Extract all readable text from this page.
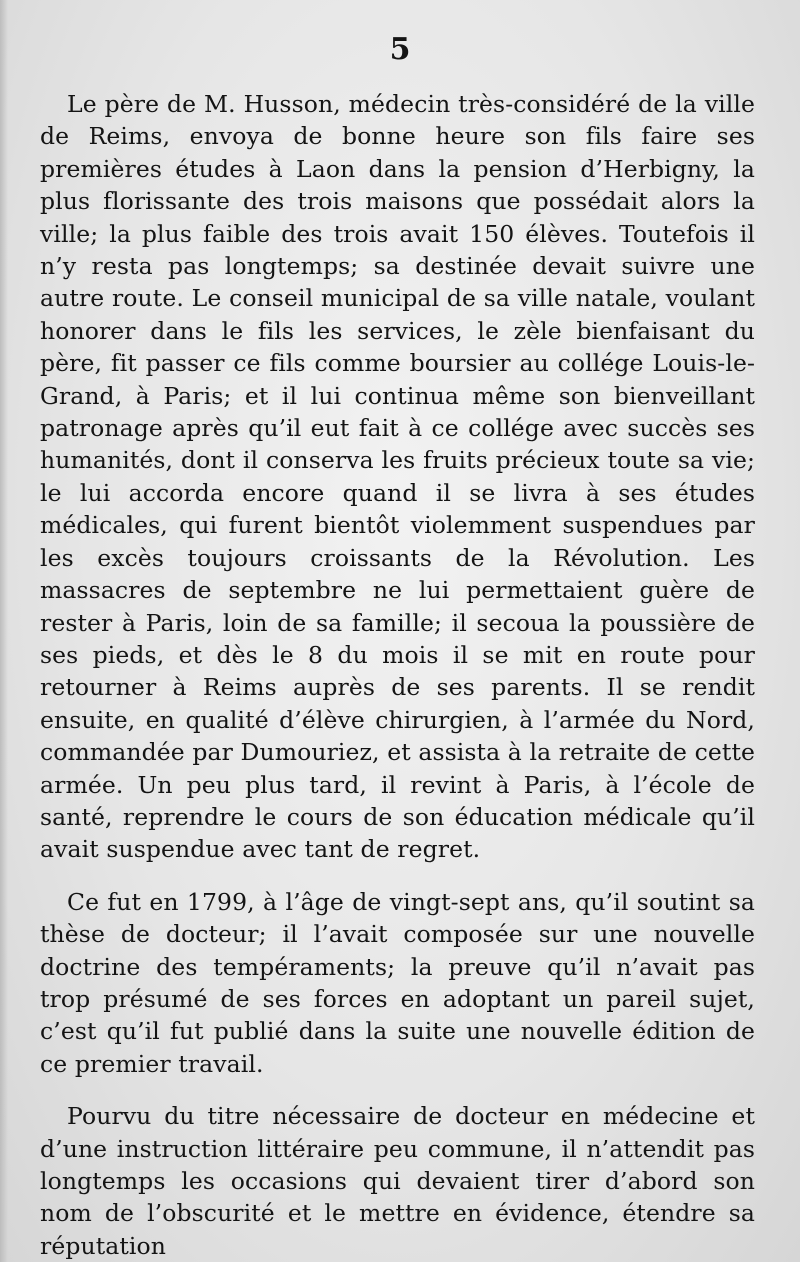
5

Le père de M. Husson, médecin très-considéré de la ville de Reims, envoya de bonne heure son fils faire ses premières études à Laon dans la pension d’Herbigny, la plus florissante des trois maisons que possédait alors la ville; la plus faible des trois avait 150 élèves. Toutefois il n’y resta pas longtemps; sa destinée devait suivre une autre route. Le conseil municipal de sa ville natale, voulant honorer dans le fils les services, le zèle bienfaisant du père, fit passer ce fils comme boursier au collége Louis-le-Grand, à Paris; et il lui continua même son bienveillant patronage après qu’il eut fait à ce collége avec succès ses humanités, dont il conserva les fruits précieux toute sa vie; le lui accorda encore quand il se livra à ses études médicales, qui furent bientôt violemment suspendues par les excès toujours croissants de la Révolution. Les massacres de septembre ne lui permettaient guère de rester à Paris, loin de sa famille; il secoua la poussière de ses pieds, et dès le 8 du mois il se mit en route pour retourner à Reims auprès de ses parents. Il se rendit ensuite, en qualité d’élève chirurgien, à l’armée du Nord, commandée par Dumouriez, et assista à la retraite de cette armée. Un peu plus tard, il revint à Paris, à l’école de santé, reprendre le cours de son éducation médicale qu’il avait suspendue avec tant de regret.

Ce fut en 1799, à l’âge de vingt-sept ans, qu’il soutint sa thèse de docteur; il l’avait composée sur une nouvelle doctrine des tempéraments; la preuve qu’il n’avait pas trop présumé de ses forces en adoptant un pareil sujet, c’est qu’il fut publié dans la suite une nouvelle édition de ce premier travail.

Pourvu du titre nécessaire de docteur en médecine et d’une instruction littéraire peu commune, il n’attendit pas longtemps les occasions qui devaient tirer d’abord son nom de l’obscurité et le mettre en évidence, étendre sa réputation
